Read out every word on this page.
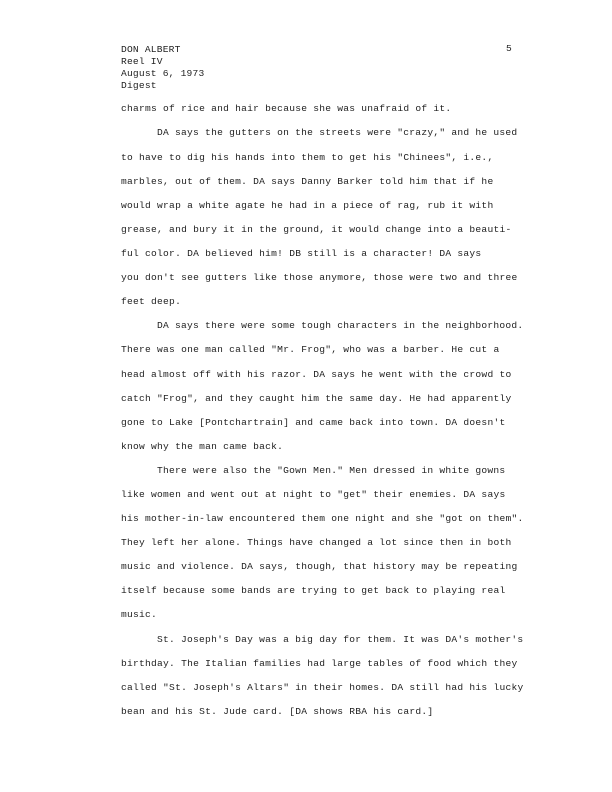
DON ALBERT
Reel IV
August 6, 1973
Digest
5
charms of rice and hair because she was unafraid of it.
DA says the gutters on the streets were "crazy," and he used
to have to dig his hands into them to get his "Chinees", i.e.,
marbles, out of them. DA says Danny Barker told him that if he
would wrap a white agate he had in a piece of rag, rub it with
grease, and bury it in the ground, it would change into a beauti-
ful color. DA believed him! DB still is a character! DA says
you don't see gutters like those anymore, those were two and three
feet deep.
DA says there were some tough characters in the neighborhood.
There was one man called "Mr. Frog", who was a barber. He cut a
head almost off with his razor. DA says he went with the crowd to
catch "Frog", and they caught him the same day. He had apparently
gone to Lake [Pontchartrain] and came back into town. DA doesn't
know why the man came back.
There were also the "Gown Men." Men dressed in white gowns
like women and went out at night to "get" their enemies. DA says
his mother-in-law encountered them one night and she "got on them".
They left her alone. Things have changed a lot since then in both
music and violence. DA says, though, that history may be repeating
itself because some bands are trying to get back to playing real
music.
St. Joseph's Day was a big day for them. It was DA's mother's
birthday. The Italian families had large tables of food which they
called "St. Joseph's Altars" in their homes. DA still had his lucky
bean and his St. Jude card. [DA shows RBA his card.]
